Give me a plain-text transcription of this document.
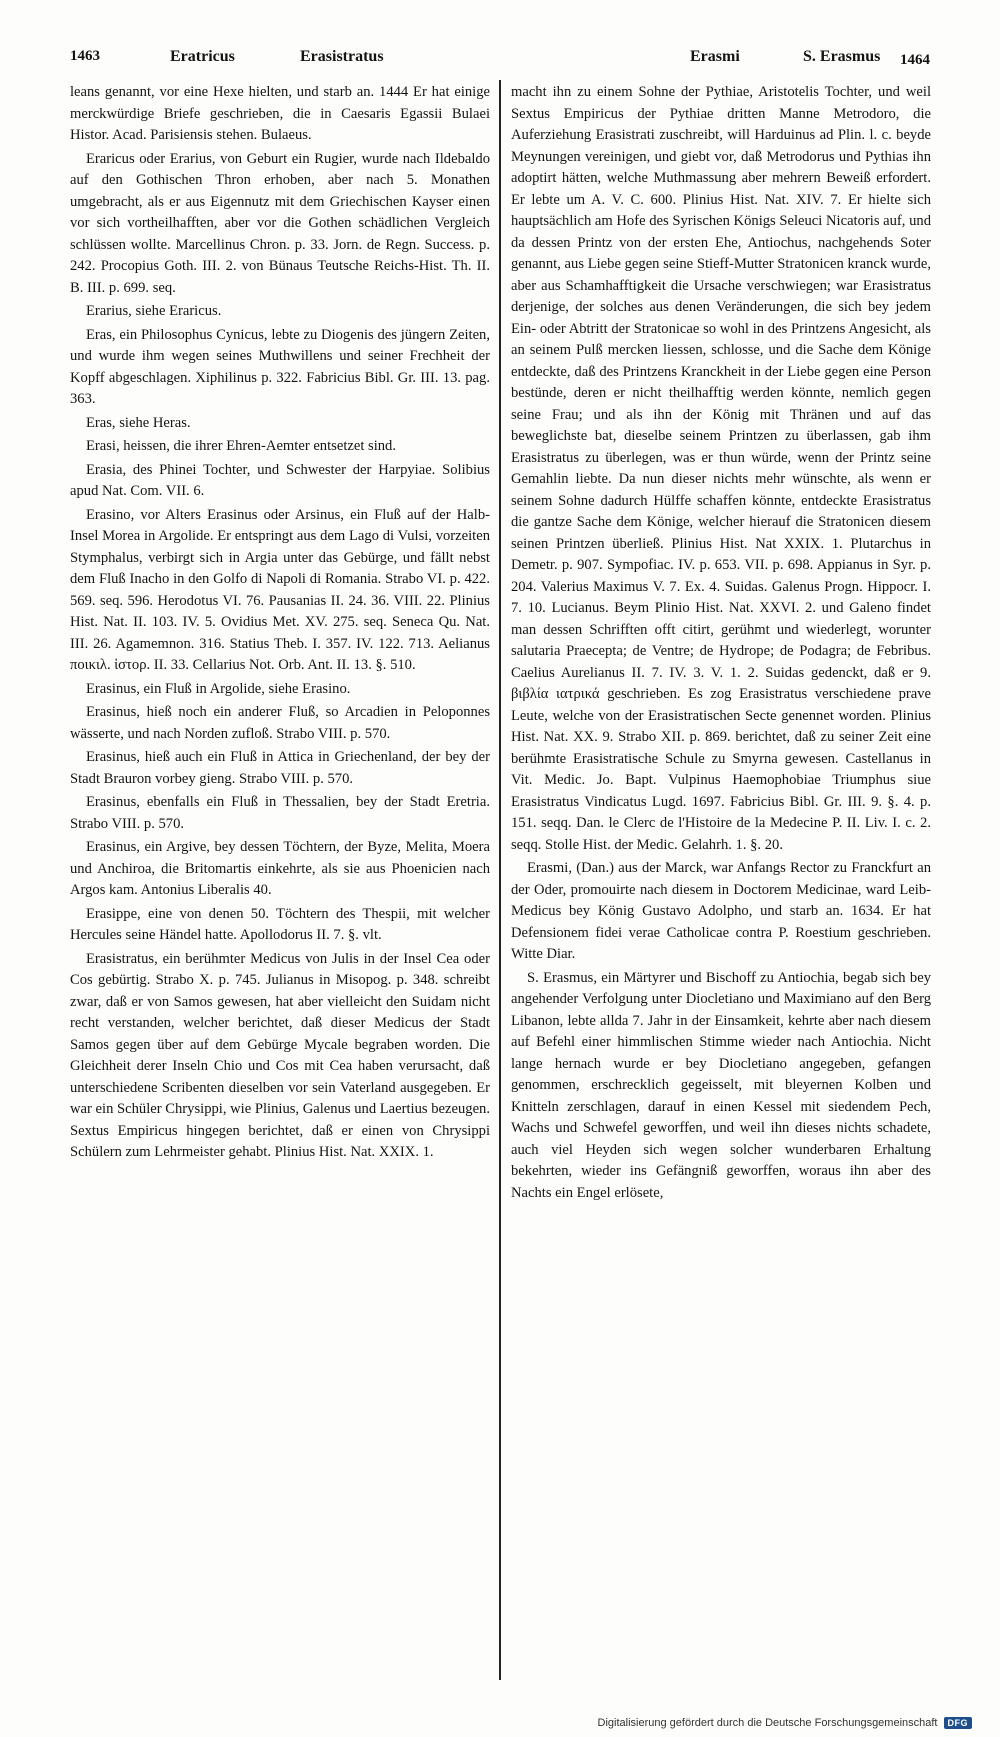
1463	Eratricus	Erasistratus	Erasmi	S. Erasmus 1464

leans genannt, vor eine Hexe hielten, und starb an. 1444 Er hat einige merckwürdige Briefe geschrieben, die in Caesaris Egassii Bulaei Histor. Acad. Parisiensis stehen. Bulaeus.

Eraricus oder Erarius, von Geburt ein Rugier, wurde nach Ildebaldo auf den Gothischen Thron erhoben, aber nach 5. Monathen umgebracht, als er aus Eigennutz mit dem Griechischen Kayser einen vor sich vortheilhafften, aber vor die Gothen schädlichen Vergleich schlüssen wollte. Marcellinus Chron. p. 33. Jorn. de Regn. Success. p. 242. Procopius Goth. III. 2. von Bünaus Teutsche Reichs-Hist. Th. II. B. III. p. 699. seq.

Erarius, siehe Eraricus.

Eras, ein Philosophus Cynicus, lebte zu Diogenis des jüngern Zeiten, und wurde ihm wegen seines Muthwillens und seiner Frechheit der Kopff abgeschlagen. Xiphilinus p. 322. Fabricius Bibl. Gr. III. 13. pag. 363.

Eras, siehe Heras.

Erasi, heissen, die ihrer Ehren-Aemter entsetzet sind.

Erasia, des Phinei Tochter, und Schwester der Harpyiae. Solibius apud Nat. Com. VII. 6.

Erasino, vor Alters Erasinus oder Arsinus, ein Fluß auf der Halb-Insel Morea in Argolide. Er entspringt aus dem Lago di Vulsi, vorzeiten Stymphalus, verbirgt sich in Argia unter das Gebürge, und fällt nebst dem Fluß Inacho in den Golfo di Napoli di Romania. Strabo VI. p. 422. 569. seq. 596. Herodotus VI. 76. Pausanias II. 24. 36. VIII. 22. Plinius Hist. Nat. II. 103. IV. 5. Ovidius Met. XV. 275. seq. Seneca Qu. Nat. III. 26. Agamemnon. 316. Statius Theb. I. 357. IV. 122. 713. Aelianus ποικιλ. ἱστορ. II. 33. Cellarius Not. Orb. Ant. II. 13. §. 510.

Erasinus, ein Fluß in Argolide, siehe Erasino.

Erasinus, hieß noch ein anderer Fluß, so Arcadien in Peloponnes wässerte, und nach Norden zufloß. Strabo VIII. p. 570.

Erasinus, hieß auch ein Fluß in Attica in Griechenland, der bey der Stadt Brauron vorbey gieng. Strabo VIII. p. 570.

Erasinus, ebenfalls ein Fluß in Thessalien, bey der Stadt Eretria. Strabo VIII. p. 570.

Erasinus, ein Argive, bey dessen Töchtern, der Byze, Melita, Moera und Anchiroa, die Britomartis einkehrte, als sie aus Phoenicien nach Argos kam. Antonius Liberalis 40.

Erasippe, eine von denen 50. Töchtern des Thespii, mit welcher Hercules seine Händel hatte. Apollodorus II. 7. §. vlt.

Erasistratus, ein berühmter Medicus von Julis in der Insel Cea oder Cos gebürtig. Strabo X. p. 745. Julianus in Misopog. p. 348. schreibt zwar, daß er von Samos gewesen, hat aber vielleicht den Suidam nicht recht verstanden, welcher berichtet, daß dieser Medicus der Stadt Samos gegen über auf dem Gebürge Mycale begraben worden. Die Gleichheit derer Inseln Chio und Cos mit Cea haben verursacht, daß unterschiedene Scribenten dieselben vor sein Vaterland ausgegeben. Er war ein Schüler Chrysippi, wie Plinius, Galenus und Laertius bezeugen. Sextus Empiricus hingegen berichtet, daß er einen von Chrysippi Schülern zum Lehrmeister gehabt. Plinius Hist. Nat. XXIX. 1.

macht ihn zu einem Sohne der Pythiae, Aristotelis Tochter, und weil Sextus Empiricus der Pythiae dritten Manne Metrodoro, die Auferziehung Erasistrati zuschreibt, will Harduinus ad Plin. l. c. beyde Meynungen vereinigen, und giebt vor, daß Metrodorus und Pythias ihn adoptirt hätten, welche Muthmassung aber mehrern Beweiß erfordert. Er lebte um A. V. C. 600. Plinius Hist. Nat. XIV. 7. Er hielte sich hauptsächlich am Hofe des Syrischen Königs Seleuci Nicatoris auf, und da dessen Printz von der ersten Ehe, Antiochus, nachgehends Soter genannt, aus Liebe gegen seine Stieff-Mutter Stratonicen kranck wurde, aber aus Schamhafftigkeit die Ursache verschwiegen; war Erasistratus derjenige, der solches aus denen Veränderungen, die sich bey jedem Ein- oder Abtritt der Stratonicae so wohl in des Printzens Angesicht, als an seinem Pulß mercken liessen, schlosse, und die Sache dem Könige entdeckte, daß des Printzens Kranckheit in der Liebe gegen eine Person bestünde, deren er nicht theilhafftig werden könnte, nemlich gegen seine Frau; und als ihn der König mit Thränen und auf das beweglichste bat, dieselbe seinem Printzen zu überlassen, gab ihm Erasistratus zu überlegen, was er thun würde, wenn der Printz seine Gemahlin liebte. Da nun dieser nichts mehr wünschte, als wenn er seinem Sohne dadurch Hülffe schaffen könnte, entdeckte Erasistratus die gantze Sache dem Könige, welcher hierauf die Stratonicen diesem seinen Printzen überließ. Plinius Hist. Nat XXIX. 1. Plutarchus in Demetr. p. 907. Sympofiac. IV. p. 653. VII. p. 698. Appianus in Syr. p. 204. Valerius Maximus V. 7. Ex. 4. Suidas. Galenus Progn. Hippocr. I. 7. 10. Lucianus. Beym Plinio Hist. Nat. XXVI. 2. und Galeno findet man dessen Schrifften offt citirt, gerühmt und wiederlegt, worunter salutaria Praecepta; de Ventre; de Hydrope; de Podagra; de Febribus. Caelius Aurelianus II. 7. IV. 3. V. 1. 2. Suidas gedenckt, daß er 9. βιβλία ιατρικά geschrieben. Es zog Erasistratus verschiedene prave Leute, welche von der Erasistratischen Secte genennet worden. Plinius Hist. Nat. XX. 9. Strabo XII. p. 869. berichtet, daß zu seiner Zeit eine berühmte Erasistratische Schule zu Smyrna gewesen. Castellanus in Vit. Medic. Jo. Bapt. Vulpinus Haemophobiae Triumphus siue Erasistratus Vindicatus Lugd. 1697. Fabricius Bibl. Gr. III. 9. §. 4. p. 151. seqq. Dan. le Clerc de l'Histoire de la Medecine P. II. Liv. I. c. 2. seqq. Stolle Hist. der Medic. Gelahrh. 1. §. 20.

Erasmi, (Dan.) aus der Marck, war Anfangs Rector zu Franckfurt an der Oder, promouirte nach diesem in Doctorem Medicinae, ward Leib-Medicus bey König Gustavo Adolpho, und starb an. 1634. Er hat Defensionem fidei verae Catholicae contra P. Roestium geschrieben. Witte Diar.

S. Erasmus, ein Märtyrer und Bischoff zu Antiochia, begab sich bey angehender Verfolgung unter Diocletiano und Maximiano auf den Berg Libanon, lebte allda 7. Jahr in der Einsamkeit, kehrte aber nach diesem auf Befehl einer himmlischen Stimme wieder nach Antiochia. Nicht lange hernach wurde er bey Diocletiano angegeben, gefangen genommen, erschrecklich gegeisselt, mit bleyernen Kolben und Knitteln zerschlagen, darauf in einen Kessel mit siedendem Pech, Wachs und Schwefel geworffen, und weil ihn dieses nichts schadete, auch viel Heyden sich wegen solcher wunderbaren Erhaltung bekehrten, wieder ins Gefängniß geworffen, woraus ihn aber des Nachts ein Engel erlösete,

Digitalisierung gefördert durch die Deutsche Forschungsgemeinschaft	DFG
